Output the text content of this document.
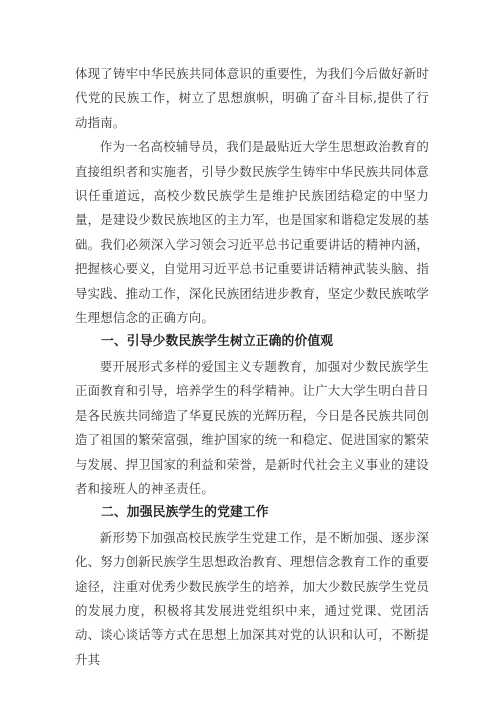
体现了铸牢中华民族共同体意识的重要性，为我们今后做好新时代党的民族工作，树立了思想旗帜，明确了奋斗目标,提供了行动指南。

作为一名高校辅导员，我们是最贴近大学生思想政治教育的直接组织者和实施者，引导少数民族学生铸牢中华民族共同体意识任重道远，高校少数民族学生是维护民族团结稳定的中坚力量，是建设少数民族地区的主力军，也是国家和谐稳定发展的基础。我们必须深入学习领会习近平总书记重要讲话的精神内涵，把握核心要义，自觉用习近平总书记重要讲话精神武装头脑、指导实践、推动工作，深化民族团结进步教育，坚定少数民族哝学生理想信念的正确方向。

一、引导少数民族学生树立正确的价值观

要开展形式多样的爱国主义专题教育，加强对少数民族学生正面教育和引导，培养学生的科学精神。让广大大学生明白昔日是各民族共同缔造了华夏民族的光辉历程，今日是各民族共同创造了祖国的繁荣富强，维护国家的统一和稳定、促进国家的繁荣与发展、捍卫国家的利益和荣誉，是新时代社会主义事业的建设者和接班人的神圣责任。

二、加强民族学生的党建工作

新形势下加强高校民族学生党建工作，是不断加强、逐步深化、努力创新民族学生思想政治教育、理想信念教育工作的重要途径，注重对优秀少数民族学生的培养，加大少数民族学生党员的发展力度，积极将其发展进党组织中来，通过党课、党团活动、谈心谈话等方式在思想上加深其对党的认识和认可，不断提升其
